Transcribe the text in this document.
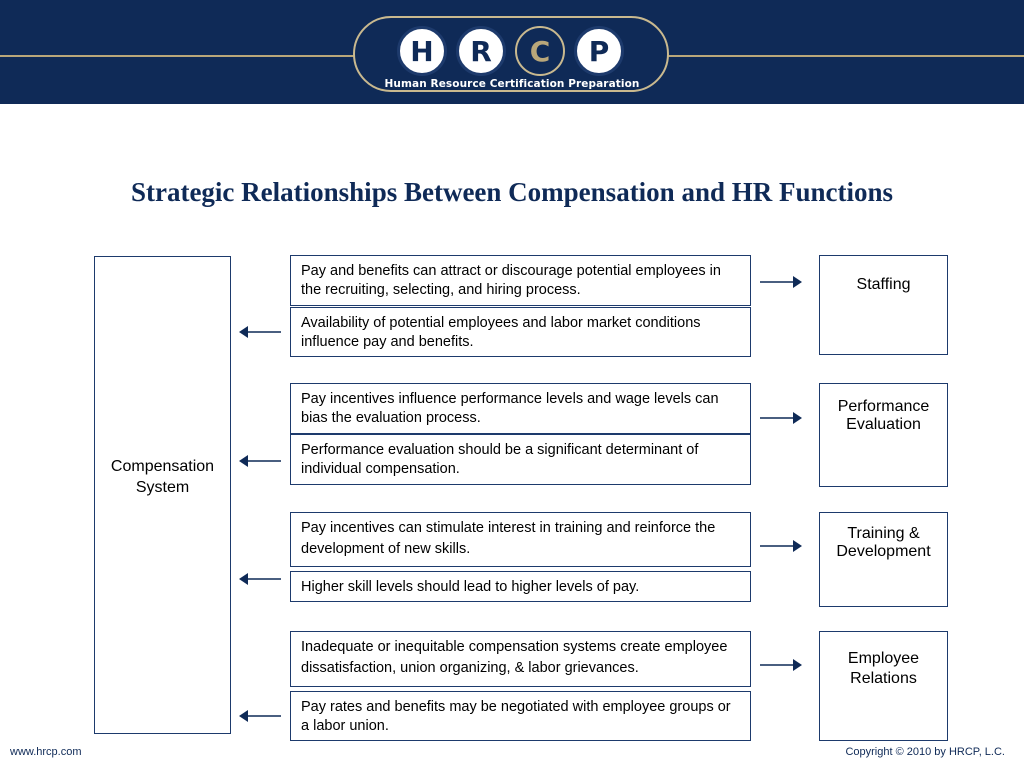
H	R	C	P
Human Resource Certification Preparation
Strategic Relationships Between Compensation and HR Functions
Compensation
System
Pay and benefits can attract or discourage potential employees in the recruiting, selecting, and hiring process.
Availability of potential employees and labor market conditions influence pay and benefits.
Staffing
Pay incentives influence performance levels and wage levels can bias the evaluation process.
Performance evaluation should be a significant determinant of individual compensation.
Performance Evaluation
Pay incentives can stimulate interest in training and reinforce the development of new skills.
Higher skill levels should lead to higher levels of pay.
Training & Development
Inadequate or inequitable compensation systems create employee dissatisfaction, union organizing, & labor grievances.
Pay rates and benefits may be negotiated with employee groups or a labor union.
Employee Relations
www.hrcp.com	Copyright © 2010 by HRCP, L.C.
